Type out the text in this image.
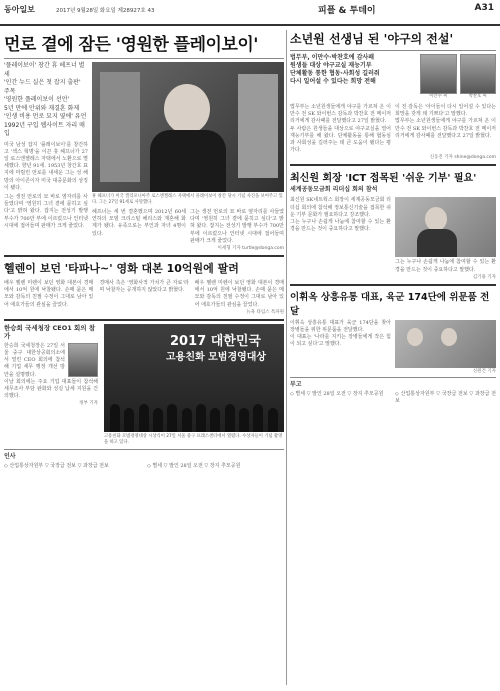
동아일보	2017년 9월28일 화요일 제28927호 43	피플 & 투데이	A31
먼로 곁에 잠든 '영원한 플레이보이'
'플레이보이' 창간 휴 헤프너 별세
'인간 누드 실은 첫 잡지 출판' 주목
'영원한 플레이보이 선언'
5년 만에 안위와 재결혼 화제
'인생 비용 먼로 묘지 옆에' 유언
1992년 구입 웹사이트 자리 매입
미국 남성 잡지 '플레이보이'를 창간하고 '섹스 혁명'을 이끈 휴 헤프너가 27일 로스앤젤레스 자택에서 노환으로 별세했다. 향년 91세. 1953년 창간호 표지에 마릴린 먼로를 내세운 그는 성 해방의 아이콘이자 미국 대중문화의 상징이 됐다.
그는 생전 먼로의 묘 바로 옆자리를 사들였다며 '영원히 그녀 곁에 묻히고 싶다'고 밝혀 왔다. 잡지는 전성기 발행 부수가 700만 부에 이르렀으나 인터넷 시대에 접어들며 판매가 크게 줄었다.
휴 헤프너가 미국 캘리포니아주 로스앤젤레스 자택에서 플레이보이 창간 당시 기념 사진을 보여주고 있다. 그는 27일 91세로 사망했다.
헤프너는 세 번 결혼했으며 2012년 60세 연하의 모델 크리스털 해리스와 재혼해 화제가 됐다. 유족으로는 부인과 자녀 4명이 있다.
그는 생전 먼로의 묘 바로 옆자리를 사들였다며 '영원히 그녀 곁에 묻히고 싶다'고 밝혀 왔다. 잡지는 전성기 발행 부수가 700만 부에 이르렀으나 인터넷 시대에 접어들며 판매가 크게 줄었다.
이세형 기자 turtle@donga.com
헬렌이 보던 '타파나~' 영화 대본 10억원에 팔려
배우 헬렌 미렌이 보던 영화 대본이 경매에서 10억 원에 낙찰됐다. 손때 묻은 메모와 감독의 친필 수정이 그대로 남아 있어 애호가들의 관심을 끌었다.
경매사 측은 '영화사적 가치가 큰 자료'라며 낙찰자는 공개하지 않았다고 밝혔다.
배우 헬렌 미렌이 보던 영화 대본이 경매에서 10억 원에 낙찰됐다. 손때 묻은 메모와 감독의 친필 수정이 그대로 남아 있어 애호가들의 관심을 끌었다.
뉴욕 타임스 특파원
한승희 국세청장 CEO1 회의 참가
한승희 국세청장은 27일 서울 중구 대한상공회의소에서 열린 CEO 회의에 참석해 기업 세무 행정 개선 방안을 설명했다.
이날 회의에는 주요 기업 대표들이 참석해 세무조사 부담 완화와 성실 납세 지원을 건의했다.
정부 기자
2017 대한민국
고용친화 모범경영대상
고용친화 모범경영대상 시상식이 27일 서울 중구 프레스센터에서 열렸다. 수상자들이 기념 촬영을 하고 있다.
인사
◇ 산업통상자원부 ▽ 국장급 전보 ▽ 과장급 전보	◇ 별세 ▽ 발인 28일 오전 ▽ 장지 추모공원
소년원 선생님 된 '야구의 전설'
법무부, 이만수·박찬호에 감사패
원생들 대상 야구교실 재능기부
단체활동 통한 협동·사회성 길러줘
다시 일어설 수 있다는 희망 전해
이만수 씨	박찬호 씨
법무부는 소년원생들에게 야구를 가르쳐 온 이만수 전 SK 와이번스 감독과 박찬호 전 메이저리거에게 감사패를 전달했다고 27일 밝혔다.
두 사람은 원생들을 대상으로 야구교실을 열어 재능기부를 해 왔다. 단체활동을 통해 협동심과 사회성을 길러주는 데 큰 도움이 됐다는 평가다.
이 전 감독은 '아이들이 다시 일어설 수 있다는 희망을 갖게 돼 기쁘다'고 말했다.
법무부는 소년원생들에게 야구를 가르쳐 온 이만수 전 SK 와이번스 감독과 박찬호 전 메이저리거에게 감사패를 전달했다고 27일 밝혔다.
신동진 기자 shine@donga.com
최신원 회장 'ICT 접목된 '쉬운 기부' 필요'
세계공동모금회 리더십 회의 참석
최신원 SK네트웍스 회장이 세계공동모금회 리더십 회의에 참석해 정보통신기술을 접목한 쉬운 기부 문화가 필요하다고 강조했다.
그는 누구나 손쉽게 나눔에 참여할 수 있는 환경을 만드는 것이 중요하다고 말했다.
그는 누구나 손쉽게 나눔에 참여할 수 있는 환경을 만드는 것이 중요하다고 말했다.
김기용 기자
이휘옥 상흥유통 대표, 육군 174단에 위문품 전달
이휘옥 상흥유통 대표가 육군 174단을 찾아 장병들을 위한 위문품을 전달했다.
이 대표는 '나라를 지키는 장병들에게 작은 힘이 되고 싶다'고 말했다.
신원건 기자
부고
◇ 별세 ▽ 발인 28일 오전 ▽ 장지 추모공원	◇ 산업통상자원부 ▽ 국장급 전보 ▽ 과장급 전보
